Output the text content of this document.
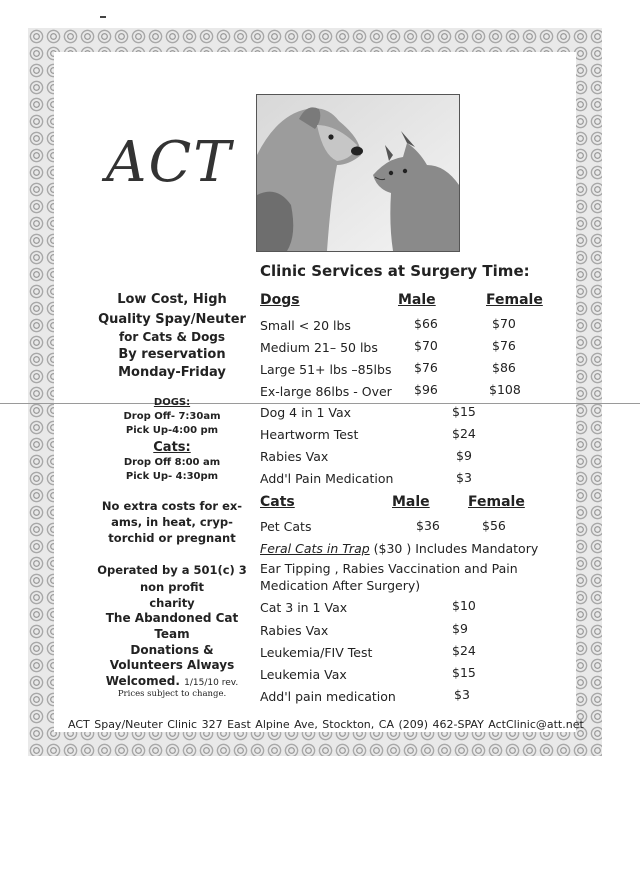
ACT
Clinic Services at Surgery Time:
Low Cost, High
Quality Spay/Neuter
for Cats & Dogs
By reservation
Monday-Friday
DOGS:
Drop Off- 7:30am
Pick Up-4:00 pm
Cats:
Drop Off 8:00 am
Pick Up- 4:30pm
No extra costs for ex-
ams, in heat, cryp-
torchid or pregnant
Operated by a 501(c) 3
non profit
charity
The Abandoned Cat
Team
Donations &
Volunteers Always
Welcomed. 1/15/10 rev.
Prices subject to change.
Dogs	Male	Female
Small < 20 lbs	$66	$70
Medium 21– 50 lbs	$70	$76
Large 51+ lbs –85lbs $76	$86
Ex-large 86lbs - Over $96	$108
Dog 4 in 1 Vax	$15
Heartworm Test	$24
Rabies Vax	$9
Add'l Pain Medication	$3
Cats	Male	Female
Pet Cats	$36	$56
Feral Cats in Trap ($30 ) Includes Mandatory
Ear Tipping , Rabies Vaccination and Pain
Medication After Surgery)
Cat 3 in 1 Vax	$10
Rabies Vax	$9
Leukemia/FIV Test	$24
Leukemia Vax	$15
Add'l pain medication	$3
ACT Spay/Neuter Clinic 327 East Alpine Ave, Stockton, CA (209) 462-SPAY ActClinic@att.net
